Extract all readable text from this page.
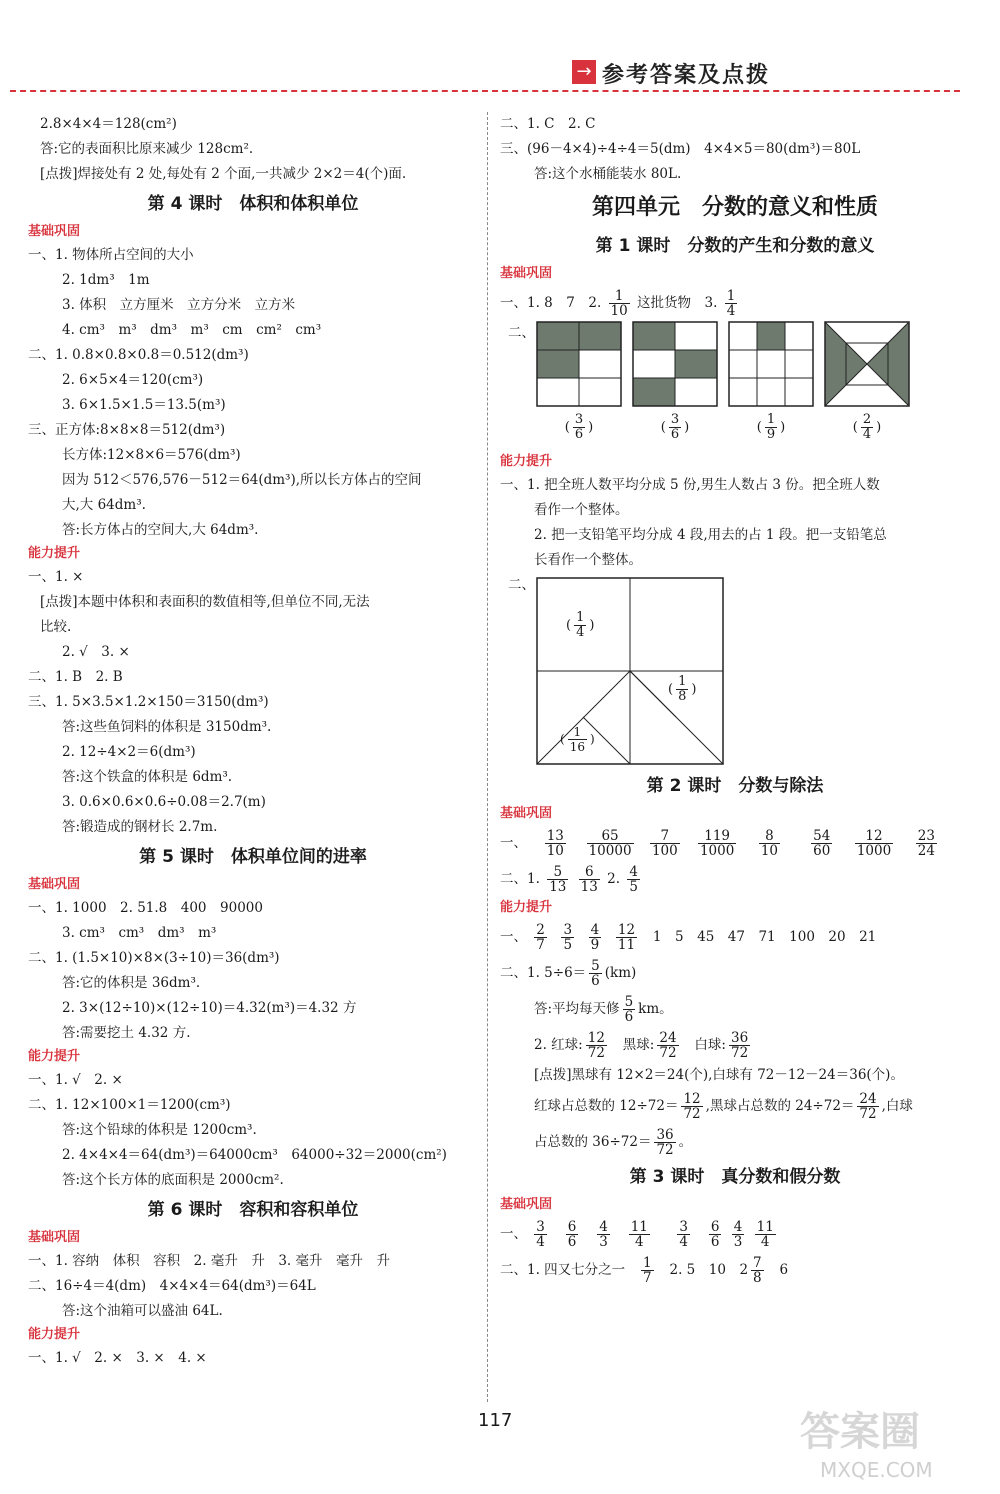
→ 参考答案及点拨
2.8×4×4＝128(cm²)
答:它的表面积比原来减少 128cm².
[点拨]焊接处有 2 处,每处有 2 个面,一共减少 2×2＝4(个)面.
第 4 课时　体积和体积单位
基础巩固
一、1. 物体所占空间的大小
2. 1dm³　1m
3. 体积　立方厘米　立方分米　立方米
4. cm³　m³　dm³　m³　cm　cm²　cm³
二、1. 0.8×0.8×0.8＝0.512(dm³)
2. 6×5×4＝120(cm³)
3. 6×1.5×1.5＝13.5(m³)
三、正方体:8×8×8＝512(dm³)
长方体:12×8×6＝576(dm³)
因为 512＜576,576－512＝64(dm³),所以长方体占的空间
大,大 64dm³.
答:长方体占的空间大,大 64dm³.
能力提升
一、1. ×
[点拨]本题中体积和表面积的数值相等,但单位不同,无法
比较.
2. √　3. ×
二、1. B　2. B
三、1. 5×3.5×1.2×150＝3150(dm³)
答:这些鱼饲料的体积是 3150dm³.
2. 12÷4×2＝6(dm³)
答:这个铁盒的体积是 6dm³.
3. 0.6×0.6×0.6÷0.08＝2.7(m)
答:锻造成的钢材长 2.7m.
第 5 课时　体积单位间的进率
基础巩固
一、1. 1000　2. 51.8　400　90000
3. cm³　cm³　dm³　m³
二、1. (1.5×10)×8×(3÷10)＝36(dm³)
答:它的体积是 36dm³.
2. 3×(12÷10)×(12÷10)＝4.32(m³)＝4.32 方
答:需要挖土 4.32 方.
能力提升
一、1. √　2. ×
二、1. 12×100×1＝1200(cm³)
答:这个铅球的体积是 1200cm³.
2. 4×4×4＝64(dm³)＝64000cm³　64000÷32＝2000(cm²)
答:这个长方体的底面积是 2000cm².
第 6 课时　容积和容积单位
基础巩固
一、1. 容纳　体积　容积　2. 毫升　升　3. 毫升　毫升　升
二、16÷4＝4(dm)　4×4×4＝64(dm³)＝64L
答:这个油箱可以盛油 64L.
能力提升
一、1. √　2. ×　3. ×　4. ×
二、1. C　2. C
三、(96－4×4)÷4÷4＝5(dm)　4×4×5＝80(dm³)＝80L
答:这个水桶能装水 80L.
第四单元　分数的意义和性质
第 1 课时　分数的产生和分数的意义
基础巩固
一、1. 8　7　2. $\frac{1}{10}$ 这批货物　3. $\frac{1}{4}$
二、
( $\frac{3}{6}$ )	( $\frac{3}{6}$ )	( $\frac{1}{9}$ )	( $\frac{2}{4}$ )
能力提升
一、1. 把全班人数平均分成 5 份,男生人数占 3 份。把全班人数
看作一个整体。
2. 把一支铅笔平均分成 4 段,用去的占 1 段。把一支铅笔总
长看作一个整体。
二、
( $\frac{1}{4}$ )
( $\frac{1}{8}$ )
( $\frac{1}{16}$ )
第 2 课时　分数与除法
基础巩固
一、 $\frac{13}{10}$
$\frac{65}{10000}$
$\frac{7}{100}$
$\frac{119}{1000}$
$\frac{8}{10}$
$\frac{54}{60}$
$\frac{12}{1000}$
$\frac{23}{24}$
二、1. $\frac{5}{13}$
$\frac{6}{13} 2$. $\frac{4}{5}$
能力提升
一、 $\frac{2}{7}$
$\frac{3}{5}$
$\frac{4}{9}$
$\frac{12}{11} 1$　5　45　47　71　100　20　21
二、1. $5\div 6= \frac{5}{6} (km)$
答:平均每天修 $\frac{5}{6}$ km。
2. 红球: $\frac{12}{72}$ 黑球: $\frac{24}{72}$ 白球: $\frac{36}{72}$
[点拨]黑球有 12×2＝24(个),白球有 72－12－24＝36(个)。
红球占总数的 $12\div 72= \frac{12}{72}$ ,黑球占总数的 $24\div 72= \frac{24}{72}$ ,白球
占总数的 $36\div 72= \frac{36}{72}$ 。
第 3 课时　真分数和假分数
基础巩固
一、 $\frac{3}{4}$
$\frac{6}{6}$
$\frac{4}{3}$
$\frac{11}{4}$
$\frac{3}{4}$
$\frac{6}{6}$
$\frac{4}{3}$
$\frac{11}{4}$
二、1. 四又七分之一 $\frac{1}{7} 2$. 5　10　$2 \frac{7}{8} 6$
117	答案圈
MXQE.COM
